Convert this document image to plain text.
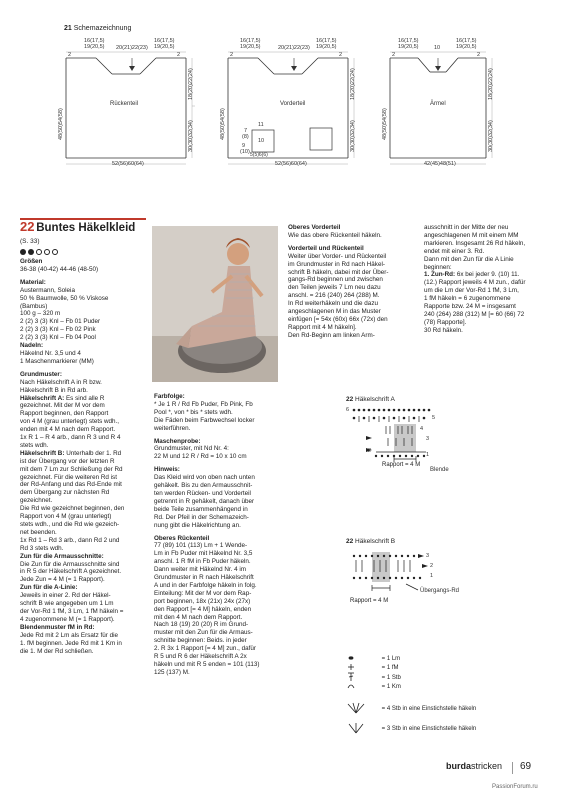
21 Schemazeichnung
16(17,5)
19(20,5) 20(21)22(23)
16(17,5)
19(20,5)
2	2
48(50)54(58)
18(20)22(24)
30(30)32(34)
Rückenteil
52(56)60(64)
16(17,5)
19(20,5)	20(21)22(23)
16(17,5)
19(20,5)
2	2
48(50)54(58)
18(20)22(24)
30(30)32(34)
Vorderteil
11
7
(8)
10
9
(10) 5(5)6(6)
52(56)60(64)
16(17,5)
19(20,5)	10
16(17,5)
19(20,5)
2	2
48(50)54(58)
18(20)22(24)
30(30)32(34)
Ärmel
42(45)48(51)
22 Buntes Häkelkleid
(S. 33)

Größen

36-38 (40-42) 44-46 (48-50)

Material:

Austermann, Soleia

50 % Baumwolle, 50 % Viskose

(Bambus)

100 g – 320 m

2 (2) 3 (3) Knl – Fb 01 Puder

2 (2) 3 (3) Knl – Fb 02 Pink

2 (2) 3 (3) Knl – Fb 04 Pool

Nadeln:

Häkelnd Nr. 3,5 und 4

1 Maschenmarkierer (MM)

Grundmuster:

Nach Häkelschrift A in R bzw.

Häkelschrift B in Rd arb.

Häkelschrift A: Es sind alle R

gezeichnet. Mit der M vor dem

Rapport beginnen, den Rapport

von 4 M (grau unterlegt) stets wdh.,

enden mit 4 M nach dem Rapport.

1x R 1 – R 4 arb., dann R 3 und R 4

stets wdh.

Häkelschrift B: Unterhalb der 1. Rd

ist der Übergang vor der letzten R

mit dem 7 Lm zur Schließung der Rd

gezeichnet. Für die weiteren Rd ist

der Rd-Anfang und das Rd-Ende mit

dem Übergang zur nächsten Rd

gezeichnet.

Die Rd wie gezeichnet beginnen, den

Rapport von 4 M (grau unterlegt)

stets wdh., und die Rd wie gezeich-

net beenden.

1x Rd 1 – Rd 3 arb., dann Rd 2 und

Rd 3 stets wdh.

Zun für die Armausschnitte:

Die Zun für die Armausschnitte sind

in R 5 der Häkelschrift A gezeichnet.

Jede Zun = 4 M (= 1 Rapport).

Zun für die A-Linie:

Jeweils in einer 2. Rd der Häkel-

schrift B wie angegeben um 1 Lm

der Vor-Rd 1 fM, 3 Lm, 1 fM häkeln =

4 zugenommene M (= 1 Rapport).

Blendenmuster fM in Rd:

Jede Rd mit 2 Lm als Ersatz für die

1. fM beginnen. Jede Rd mit 1 Km in

die 1. M der Rd schließen.

Farbfolge:

* Je 1 R / Rd Fb Puder, Fb Pink, Fb

Pool *, von * bis * stets wdh.

Die Fäden beim Farbwechsel locker

weiterführen.

Maschenprobe:

Grundmuster, mit Nd Nr. 4:

22 M und 12 R / Rd = 10 x 10 cm

Hinweis:

Das Kleid wird von oben nach unten

gehäkelt. Bis zu den Armausschnit-

ten werden Rücken- und Vorderteil

getrennt in R gehäkelt, danach über

beide Teile zusammenhängend in

Rd. Der Pfeil in der Schemazeich-

nung gibt die Häkelrichtung an.

Oberes Rückenteil

77 (89) 101 (113) Lm + 1 Wende-

Lm in Fb Puder mit Häkelnd Nr. 3,5

anschl. 1 R fM in Fb Puder häkeln.

Dann weiter mit Häkelnd Nr. 4 im

Grundmuster in R nach Häkelschrift

A und in der Farbfolge häkeln in folg.

Einteilung: Mit der M vor dem Rap-

port beginnen, 18x (21x) 24x (27x)

den Rapport [= 4 M] häkeln, enden

mit den 4 M nach dem Rapport.

Nach 18 (19) 20 (20) R im Grund-

muster mit den Zun für die Armaus-

schnitte beginnen: Beids. in jeder

2. R 3x 1 Rapport [= 4 M] zun., dafür

R 5 und R 6 der Häkelschrift A 2x

häkeln und mit R 5 enden = 101 (113)

125 (137) M.

Oberes Vorderteil

Wie das obere Rückenteil häkeln.

Vorderteil und Rückenteil

Weiter über Vorder- und Rückenteil

im Grundmuster in Rd nach Häkel-

schrift B häkeln, dabei mit der Über-

gangs-Rd beginnen und zwischen

den Teilen jeweils 7 Lm neu dazu

anschl. = 216 (240) 264 (288) M.

In Rd weiterhäkeln und die dazu

angeschlagenen M in das Muster

einfügen [= 54x (60x) 66x (72x) den

Rapport mit 4 M häkeln].

Den Rd-Beginn am linken Arm-

ausschnitt in der Mitte der neu

angeschlagenen M mit einem MM

markieren. Insgesamt 26 Rd häkeln,

endet mit einer 3. Rd.

Dann mit den Zun für die A Linie

beginnen:

1. Zun-Rd: 6x bei jeder 9. (10) 11.

(12.) Rapport jeweils 4 M zun., dafür

um die Lm der Vor-Rd 1 fM, 3 Lm,

1 fM häkeln = 6 zugenommene

Rapporte bzw. 24 M = insgesamt

240 (264) 288 (312) M [= 60 (66) 72

(78) Rapporte].

30 Rd häkeln.

22 Häkelschrift A
6
5
4
3
2
1
Blende
Rapport = 4 M
22 Häkelschrift B
3
2
1
Übergangs-Rd
Rapport = 4 M
= 1 Lm
= 1 fM
= 1 Stb
= 1 Km
= 4 Stb in eine Einstichstelle häkeln
= 3 Stb in eine Einstichstelle häkeln
burdastricken 69
PassionForum.ru
